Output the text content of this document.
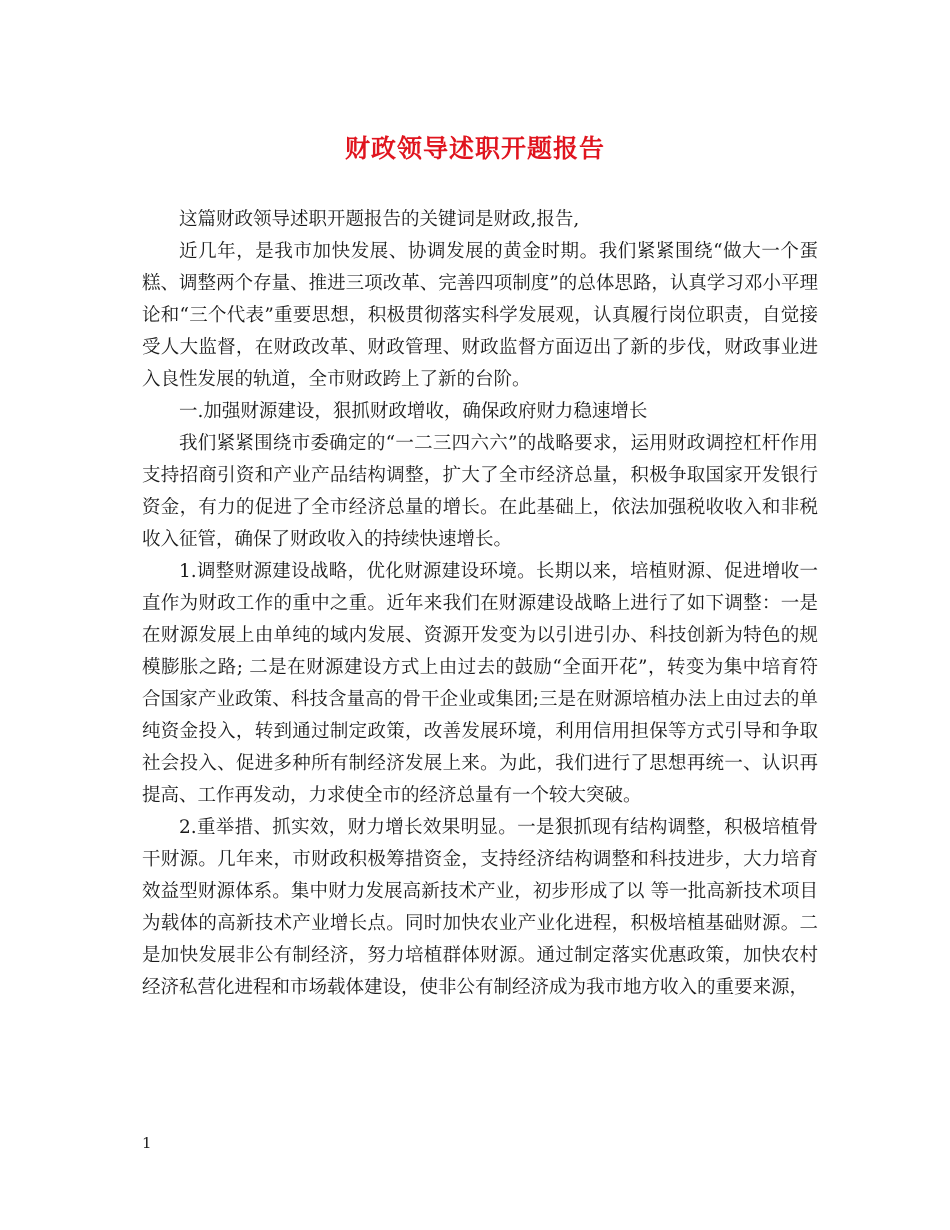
财政领导述职开题报告

这篇财政领导述职开题报告的关键词是财政,报告,

近几年，是我市加快发展、协调发展的黄金时期。我们紧紧围绕“做大一个蛋糕、调整两个存量、推进三项改革、完善四项制度”的总体思路，认真学习邓小平理论和“三个代表”重要思想，积极贯彻落实科学发展观，认真履行岗位职责，自觉接受人大监督，在财政改革、财政管理、财政监督方面迈出了新的步伐，财政事业进入良性发展的轨道，全市财政跨上了新的台阶。

一.加强财源建设，狠抓财政增收，确保政府财力稳速增长

我们紧紧围绕市委确定的“一二三四六六”的战略要求，运用财政调控杠杆作用支持招商引资和产业产品结构调整，扩大了全市经济总量，积极争取国家开发银行资金，有力的促进了全市经济总量的增长。在此基础上，依法加强税收收入和非税收入征管，确保了财政收入的持续快速增长。

1.调整财源建设战略，优化财源建设环境。长期以来，培植财源、促进增收一直作为财政工作的重中之重。近年来我们在财源建设战略上进行了如下调整：一是在财源发展上由单纯的域内发展、资源开发变为以引进引办、科技创新为特色的规模膨胀之路; 二是在财源建设方式上由过去的鼓励“全面开花”，转变为集中培育符合国家产业政策、科技含量高的骨干企业或集团;三是在财源培植办法上由过去的单纯资金投入，转到通过制定政策，改善发展环境，利用信用担保等方式引导和争取社会投入、促进多种所有制经济发展上来。为此，我们进行了思想再统一、认识再提高、工作再发动，力求使全市的经济总量有一个较大突破。

2.重举措、抓实效，财力增长效果明显。一是狠抓现有结构调整，积极培植骨干财源。几年来，市财政积极筹措资金，支持经济结构调整和科技进步，大力培育效益型财源体系。集中财力发展高新技术产业，初步形成了以 等一批高新技术项目为载体的高新技术产业增长点。同时加快农业产业化进程，积极培植基础财源。二是加快发展非公有制经济，努力培植群体财源。通过制定落实优惠政策，加快农村经济私营化进程和市场载体建设，使非公有制经济成为我市地方收入的重要来源，

1
